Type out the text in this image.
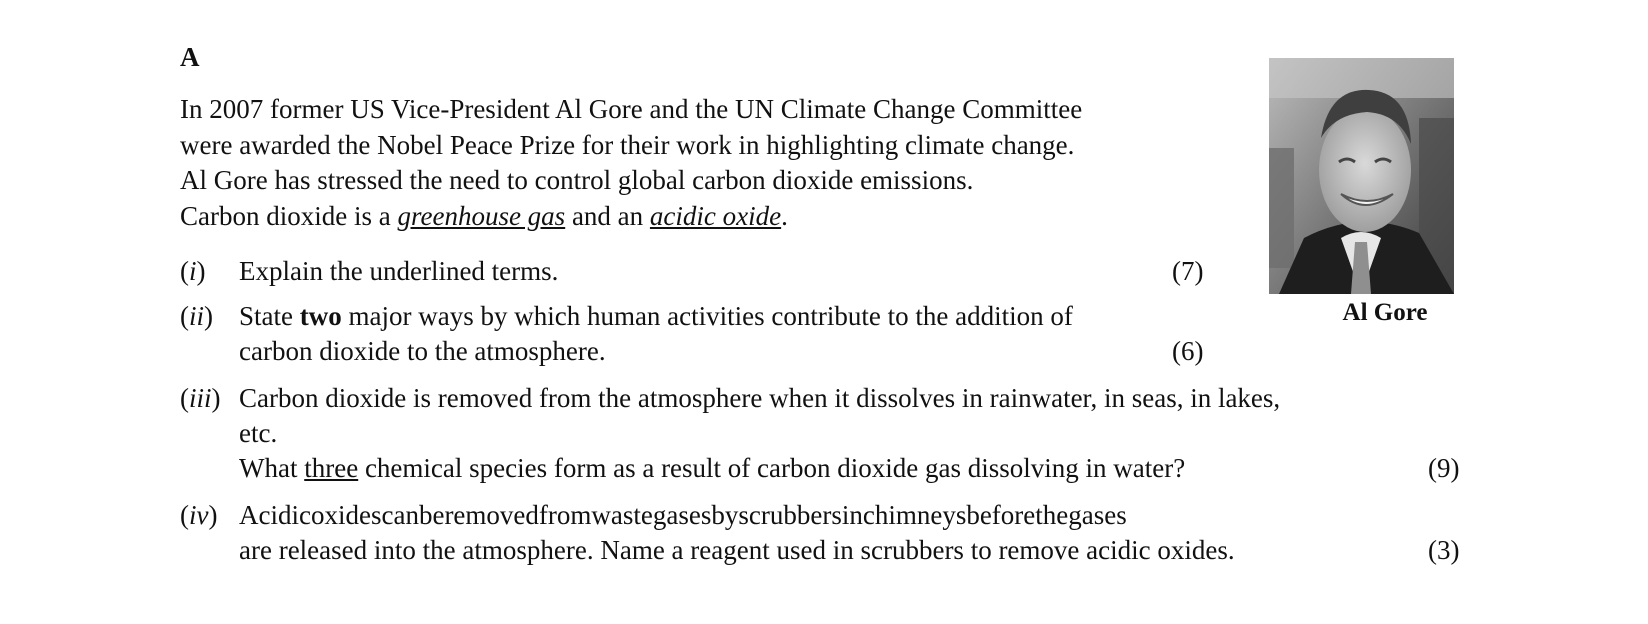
A
In 2007 former US Vice-President Al Gore and the UN Climate Change Committee
were awarded the Nobel Peace Prize for their work in highlighting climate change.
Al Gore has stressed the need to control global carbon dioxide emissions.
Carbon dioxide is a greenhouse gas and an acidic oxide.
(i) Explain the underlined terms.	(7)
(ii) State two major ways by which human activities contribute to the addition of
carbon dioxide to the atmosphere.	(6)
(iii) Carbon dioxide is removed from the atmosphere when it dissolves in rainwater, in seas, in lakes,
etc.
What three chemical species form as a result of carbon dioxide gas dissolving in water?	(9)
(iv) Acidicoxidescanberemovedfromwastegasesbyscrubbersinchimneysbeforethegases
are released into the atmosphere. Name a reagent used in scrubbers to remove acidic oxides.	(3)
Al Gore
